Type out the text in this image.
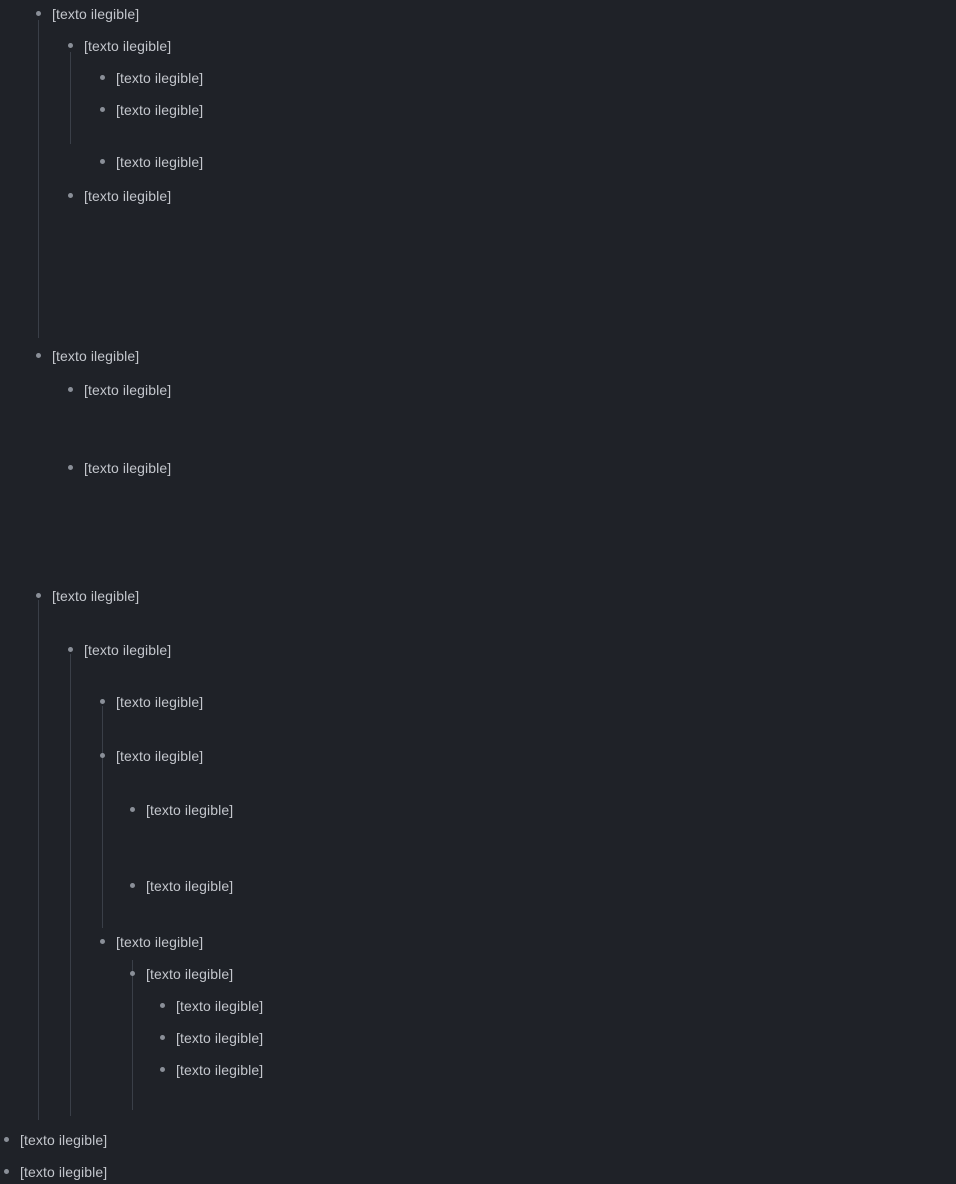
[texto ilegible]
[texto ilegible]
[texto ilegible]
[texto ilegible]
[texto ilegible]
[texto ilegible]
[texto ilegible]
[texto ilegible]
[texto ilegible]
[texto ilegible]
[texto ilegible]
[texto ilegible]
[texto ilegible]
[texto ilegible]
[texto ilegible]
[texto ilegible]
[texto ilegible]
[texto ilegible]
[texto ilegible]
[texto ilegible]
[texto ilegible]
[texto ilegible]
